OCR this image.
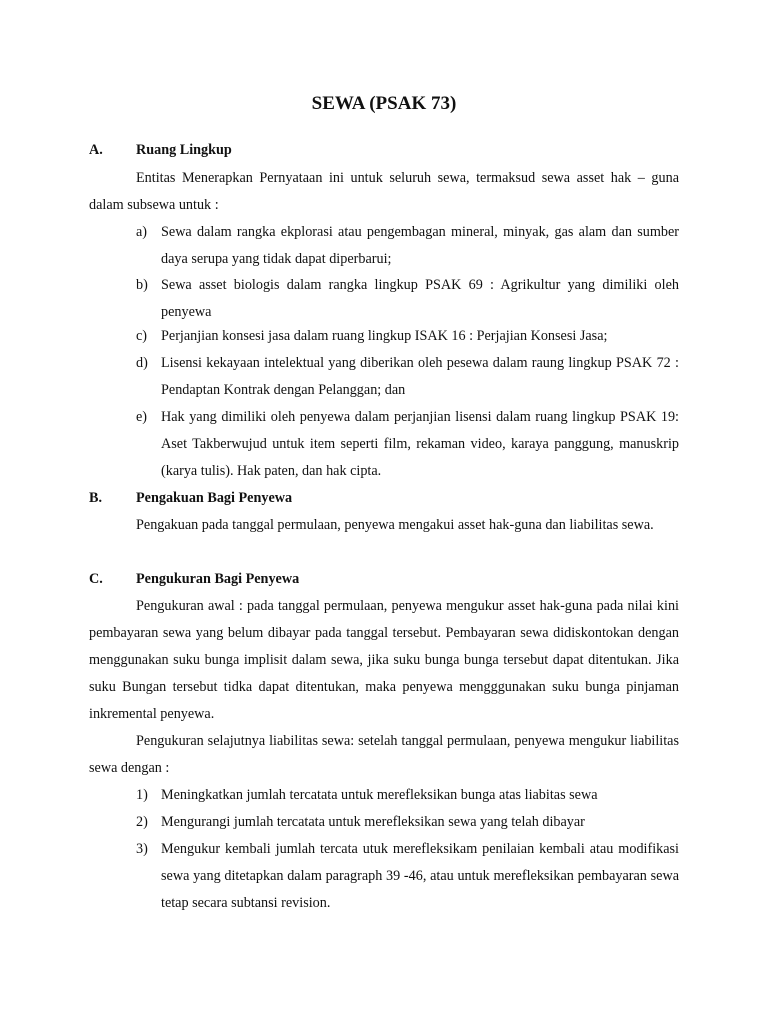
SEWA (PSAK 73)
A. Ruang Lingkup

Entitas Menerapkan Pernyataan ini untuk seluruh sewa, termaksud sewa asset hak – guna dalam subsewa untuk :

a) Sewa dalam rangka ekplorasi atau pengembagan mineral, minyak, gas alam dan sumber daya serupa yang tidak dapat diperbarui;
b) Sewa asset biologis dalam rangka lingkup PSAK 69 : Agrikultur yang dimiliki oleh penyewa
c) Perjanjian konsesi jasa dalam ruang lingkup ISAK 16 : Perjajian Konsesi Jasa;
d) Lisensi kekayaan intelektual yang diberikan oleh pesewa dalam raung lingkup PSAK 72 : Pendaptan Kontrak dengan Pelanggan; dan
e) Hak yang dimiliki oleh penyewa dalam perjanjian lisensi dalam ruang lingkup PSAK 19: Aset Takberwujud untuk item seperti film, rekaman video, karaya panggung, manuskrip (karya tulis). Hak paten, dan hak cipta.
B. Pengakuan Bagi Penyewa

Pengakuan pada tanggal permulaan, penyewa mengakui asset hak-guna dan liabilitas sewa.

C. Pengukuran Bagi Penyewa

Pengukuran awal : pada tanggal permulaan, penyewa mengukur asset hak-guna pada nilai kini pembayaran sewa yang belum dibayar pada tanggal tersebut. Pembayaran sewa didiskontokan dengan menggunakan suku bunga implisit dalam sewa, jika suku bunga bunga tersebut dapat ditentukan. Jika suku Bungan tersebut tidka dapat ditentukan, maka penyewa mengggunakan suku bunga pinjaman inkremental penyewa.

Pengukuran selajutnya liabilitas sewa: setelah tanggal permulaan, penyewa mengukur liabilitas sewa dengan :

1) Meningkatkan jumlah tercatata untuk merefleksikan bunga atas liabitas sewa
2) Mengurangi jumlah tercatata untuk merefleksikan sewa yang telah dibayar
3) Mengukur kembali jumlah tercata utuk merefleksikam penilaian kembali atau modifikasi sewa yang ditetapkan dalam paragraph 39 -46, atau untuk merefleksikan pembayaran sewa tetap secara subtansi revision.
